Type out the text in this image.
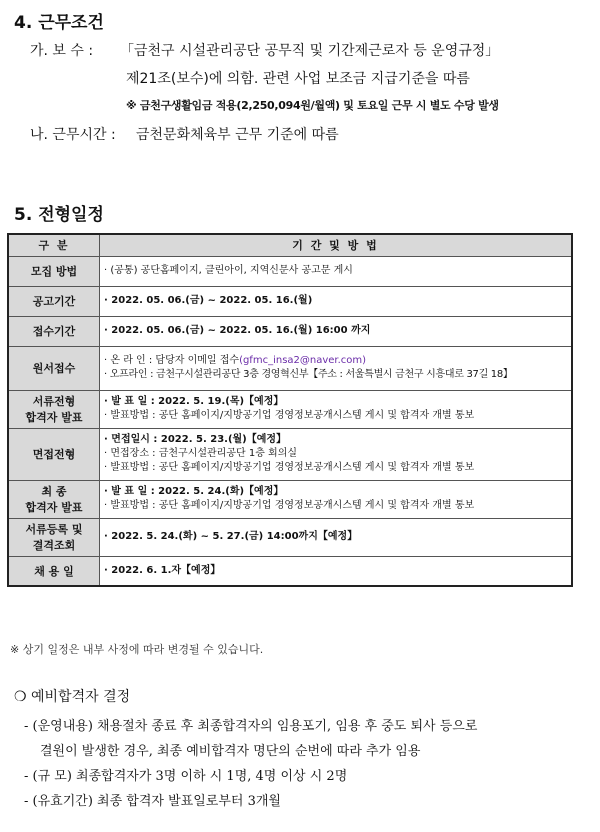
4. 근무조건
가. 보 수 : 「금천구 시설관리공단 공무직 및 기간제근로자 등 운영규정」
제21조(보수)에 의함. 관련 사업 보조금 지급기준을 따름
※ 금천구생활임금 적용(2,250,094원/월액) 및 토요일 근무 시 별도 수당 발생
나. 근무시간 : 금천문화체육부 근무 기준에 따름
5. 전형일정
구 분	기 간 및 방 법
모집 방법	· (공통) 공단홈페이지, 클린아이, 지역신문사 공고문 게시

공고기간	· 2022. 05. 06.(금) ~ 2022. 05. 16.(월)

접수기간	· 2022. 05. 06.(금) ~ 2022. 05. 16.(월) 16:00 까지

원서접수	· 온 라 인 : 담당자 이메일 접수(gfmc_insa2@naver.com)
· 오프라인 : 금천구시설관리공단 3층 경영혁신부【주소 : 서울특별시 금천구 시흥대로 37길 18】

서류전형
합격자 발표	· 발 표 일 : 2022. 5. 19.(목)【예정】
· 발표방법 : 공단 홈페이지/지방공기업 경영정보공개시스템 게시 및 합격자 개별 통보

면접전형	· 면접일시 : 2022. 5. 23.(월)【예정】
· 면접장소 : 금천구시설관리공단 1층 회의실
· 발표방법 : 공단 홈페이지/지방공기업 경영정보공개시스템 게시 및 합격자 개별 통보

최 종
합격자 발표	· 발 표 일 : 2022. 5. 24.(화)【예정】
· 발표방법 : 공단 홈페이지/지방공기업 경영정보공개시스템 게시 및 합격자 개별 통보

서류등록 및
결격조회	· 2022. 5. 24.(화) ~ 5. 27.(금) 14:00까지【예정】

채 용 일	· 2022. 6. 1.자【예정】
※ 상기 일정은 내부 사정에 따라 변경될 수 있습니다.
❍ 예비합격자 결정
- (운영내용) 채용절차 종료 후 최종합격자의 임용포기, 임용 후 중도 퇴사 등으로
결원이 발생한 경우, 최종 예비합격자 명단의 순번에 따라 추가 임용
- (규 모) 최종합격자가 3명 이하 시 1명, 4명 이상 시 2명
- (유효기간) 최종 합격자 발표일로부터 3개월
